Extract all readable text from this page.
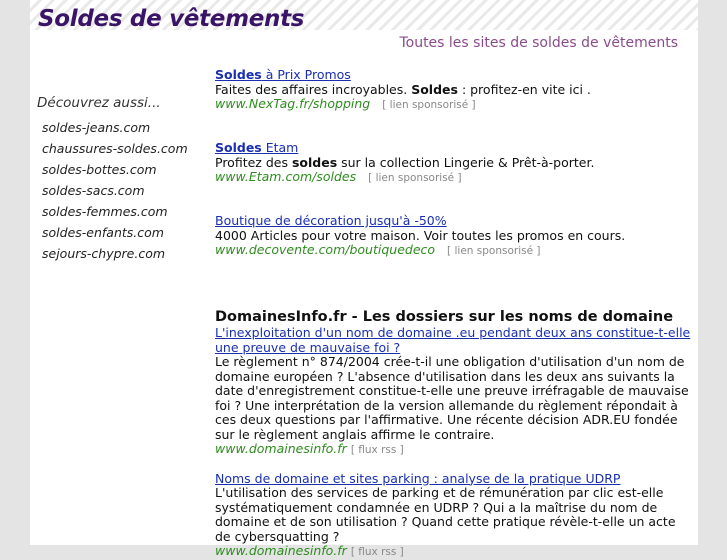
Soldes de vêtements
Toutes les sites de soldes de vêtements
Découvrez aussi...
soldes-jeans.com
chaussures-soldes.com
soldes-bottes.com
soldes-sacs.com
soldes-femmes.com
soldes-enfants.com
sejours-chypre.com
Soldes à Prix Promos
Faites des affaires incroyables. Soldes : profitez-en vite ici .
www.NexTag.fr/shopping [ lien sponsorisé ]
Soldes Etam
Profitez des soldes sur la collection Lingerie & Prêt-à-porter.
www.Etam.com/soldes [ lien sponsorisé ]
Boutique de décoration jusqu'à -50%
4000 Articles pour votre maison. Voir toutes les promos en cours.
www.decovente.com/boutiquedeco [ lien sponsorisé ]
DomainesInfo.fr - Les dossiers sur les noms de domaine
L'inexploitation d'un nom de domaine .eu pendant deux ans constitue-t-elle une preuve de mauvaise foi ?
Le règlement n° 874/2004 crée-t-il une obligation d'utilisation d'un nom de domaine européen ? L'absence d'utilisation dans les deux ans suivants la date d'enregistrement constitue-t-elle une preuve irréfragable de mauvaise foi ? Une interprétation de la version allemande du règlement répondait à ces deux questions par l'affirmative. Une récente décision ADR.EU fondée sur le règlement anglais affirme le contraire.
www.domainesinfo.fr [ flux rss ]
Noms de domaine et sites parking : analyse de la pratique UDRP
L'utilisation des services de parking et de rémunération par clic est-elle systématiquement condamnée en UDRP ? Qui a la maîtrise du nom de domaine et de son utilisation ? Quand cette pratique révèle-t-elle un acte de cybersquatting ?
www.domainesinfo.fr [ flux rss ]
